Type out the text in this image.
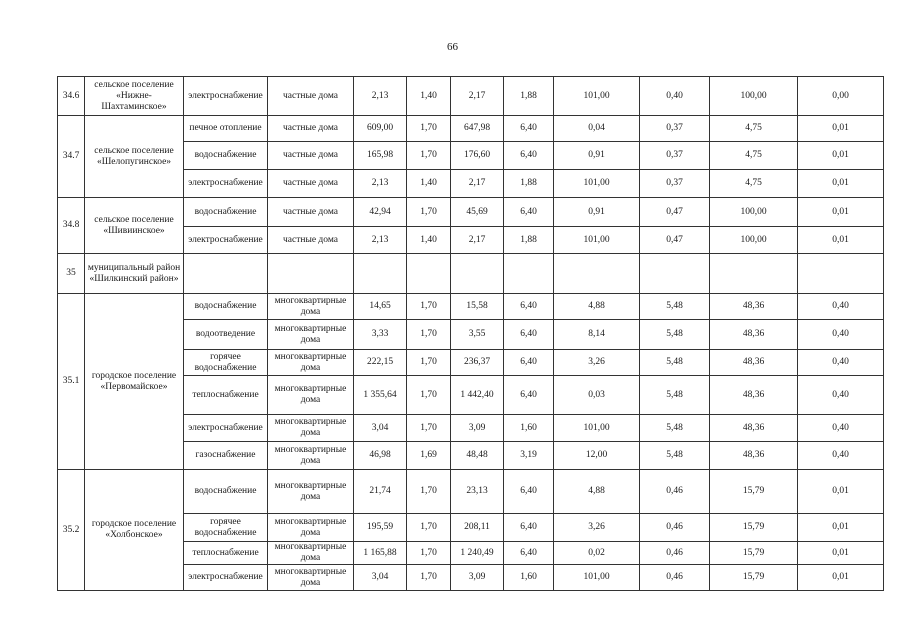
66
34.6	сельское поселение «Нижне-Шахтаминское»	электроснабжение	частные дома	2,13	1,40	2,17	1,88	101,00	0,40	100,00	0,00
34.7	сельское поселение «Шелопугинское»	печное отопление	частные дома	609,00	1,70	647,98	6,40	0,04	0,37	4,75	0,01
		водоснабжение	частные дома	165,98	1,70	176,60	6,40	0,91	0,37	4,75	0,01
		электроснабжение	частные дома	2,13	1,40	2,17	1,88	101,00	0,37	4,75	0,01
34.8	сельское поселение «Шивиинское»	водоснабжение	частные дома	42,94	1,70	45,69	6,40	0,91	0,47	100,00	0,01
		электроснабжение	частные дома	2,13	1,40	2,17	1,88	101,00	0,47	100,00	0,01
35	муниципальный район «Шилкинский район»										
35.1	городское поселение «Первомайское»	водоснабжение	многоквартирные дома	14,65	1,70	15,58	6,40	4,88	5,48	48,36	0,40
		водоотведение	многоквартирные дома	3,33	1,70	3,55	6,40	8,14	5,48	48,36	0,40
		горячее водоснабжение	многоквартирные дома	222,15	1,70	236,37	6,40	3,26	5,48	48,36	0,40
		теплоснабжение	многоквартирные дома	1 355,64	1,70	1 442,40	6,40	0,03	5,48	48,36	0,40
		электроснабжение	многоквартирные дома	3,04	1,70	3,09	1,60	101,00	5,48	48,36	0,40
		газоснабжение	многоквартирные дома	46,98	1,69	48,48	3,19	12,00	5,48	48,36	0,40
35.2	городское поселение «Холбонское»	водоснабжение	многоквартирные дома	21,74	1,70	23,13	6,40	4,88	0,46	15,79	0,01
		горячее водоснабжение	многоквартирные дома	195,59	1,70	208,11	6,40	3,26	0,46	15,79	0,01
		теплоснабжение	многоквартирные дома	1 165,88	1,70	1 240,49	6,40	0,02	0,46	15,79	0,01
		электроснабжение	многоквартирные дома	3,04	1,70	3,09	1,60	101,00	0,46	15,79	0,01
